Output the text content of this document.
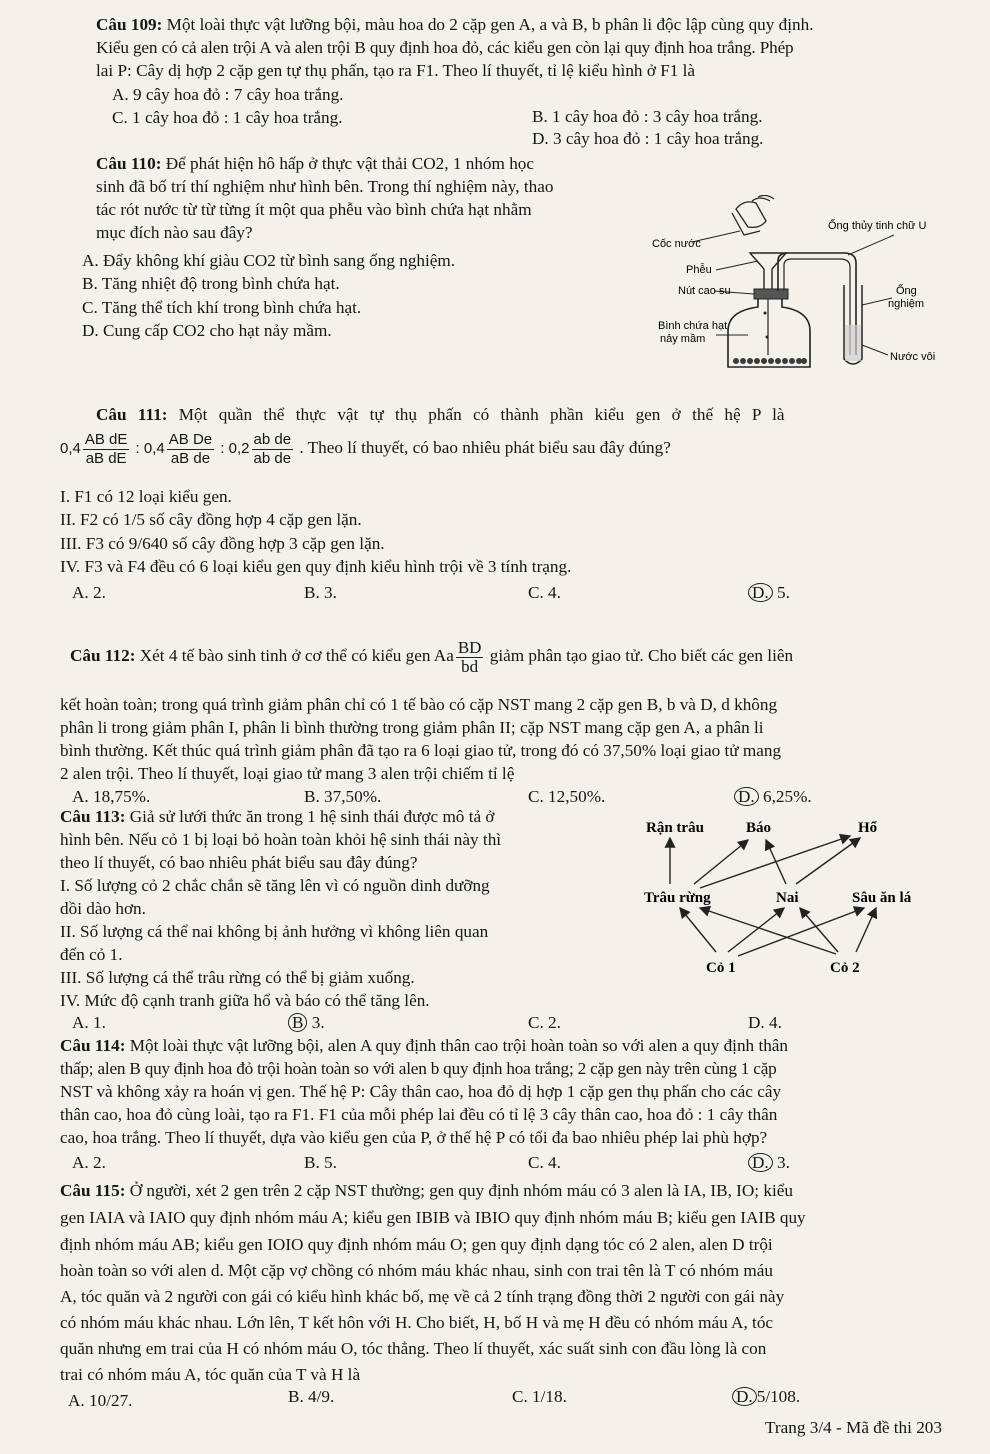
Câu 109: Một loài thực vật lưỡng bội, màu hoa do 2 cặp gen A, a và B, b phân li độc lập cùng quy định.
Kiểu gen có cả alen trội A và alen trội B quy định hoa đỏ, các kiểu gen còn lại quy định hoa trắng. Phép
lai P: Cây dị hợp 2 cặp gen tự thụ phấn, tạo ra F1. Theo lí thuyết, tỉ lệ kiểu hình ở F1 là
A. 9 cây hoa đỏ : 7 cây hoa trắng.
B. 1 cây hoa đỏ : 3 cây hoa trắng.
C. 1 cây hoa đỏ : 1 cây hoa trắng.
D. 3 cây hoa đỏ : 1 cây hoa trắng.
Câu 110: Để phát hiện hô hấp ở thực vật thải CO2, 1 nhóm học
sinh đã bố trí thí nghiệm như hình bên. Trong thí nghiệm này, thao
tác rót nước từ từ từng ít một qua phễu vào bình chứa hạt nhằm
mục đích nào sau đây?
A. Đẩy không khí giàu CO2 từ bình sang ống nghiệm.
B. Tăng nhiệt độ trong bình chứa hạt.
C. Tăng thể tích khí trong bình chứa hạt.
D. Cung cấp CO2 cho hạt nảy mầm.
Cốc nước
Phễu
Nút cao su
Bình chứa hạt
nảy mầm
Ống thủy tinh chữ U
Ống
nghiệm
Nước vôi
Câu 111: Một quần thể thực vật tự thụ phấn có thành phần kiểu gen ở thế hệ P là
$0,4 \frac{\text{AB dE}}{\text{aB dE}}$ : $0,4 \frac{\text{AB De}}{\text{aB de}}$ : $0,2 \frac{\text{ab de}}{\text{ab de}}$ . Theo lí thuyết, có bao nhiêu phát biểu sau đây đúng?
I. F1 có 12 loại kiểu gen.
II. F2 có 1/5 số cây đồng hợp 4 cặp gen lặn.
III. F3 có 9/640 số cây đồng hợp 3 cặp gen lặn.
IV. F3 và F4 đều có 6 loại kiểu gen quy định kiểu hình trội về 3 tính trạng.
A. 2.	B. 3.	C. 4.	D. 5.
Câu 112: Xét 4 tế bào sinh tinh ở cơ thể có kiểu gen Aa $\frac{BD}{bd}$ giảm phân tạo giao tử. Cho biết các gen liên
kết hoàn toàn; trong quá trình giảm phân chỉ có 1 tế bào có cặp NST mang 2 cặp gen B, b và D, d không
phân li trong giảm phân I, phân li bình thường trong giảm phân II; cặp NST mang cặp gen A, a phân li
bình thường. Kết thúc quá trình giảm phân đã tạo ra 6 loại giao tử, trong đó có 37,50% loại giao tử mang
2 alen trội. Theo lí thuyết, loại giao tử mang 3 alen trội chiếm tỉ lệ
A. 18,75%.	B. 37,50%.	C. 12,50%.	D. 6,25%.
Câu 113: Giả sử lưới thức ăn trong 1 hệ sinh thái được mô tả ở
hình bên. Nếu cỏ 1 bị loại bỏ hoàn toàn khỏi hệ sinh thái này thì
theo lí thuyết, có bao nhiêu phát biểu sau đây đúng?
I. Số lượng cỏ 2 chắc chắn sẽ tăng lên vì có nguồn dinh dưỡng
dồi dào hơn.
II. Số lượng cá thể nai không bị ảnh hưởng vì không liên quan
đến cỏ 1.
III. Số lượng cá thể trâu rừng có thể bị giảm xuống.
IV. Mức độ cạnh tranh giữa hổ và báo có thể tăng lên.
A. 1.	B 3.	C. 2.	D. 4.
Rận trâu	Báo	Hổ
Trâu rừng	Nai	Sâu ăn lá
Cỏ 1	Cỏ 2
Câu 114: Một loài thực vật lưỡng bội, alen A quy định thân cao trội hoàn toàn so với alen a quy định thân
thấp; alen B quy định hoa đỏ trội hoàn toàn so với alen b quy định hoa trắng; 2 cặp gen này trên cùng 1 cặp
NST và không xảy ra hoán vị gen. Thế hệ P: Cây thân cao, hoa đỏ dị hợp 1 cặp gen thụ phấn cho các cây
thân cao, hoa đỏ cùng loài, tạo ra F1. F1 của mỗi phép lai đều có tỉ lệ 3 cây thân cao, hoa đỏ : 1 cây thân
cao, hoa trắng. Theo lí thuyết, dựa vào kiểu gen của P, ở thế hệ P có tối đa bao nhiêu phép lai phù hợp?
A. 2.	B. 5.	C. 4.	D. 3.
Câu 115: Ở người, xét 2 gen trên 2 cặp NST thường; gen quy định nhóm máu có 3 alen là IA, IB, IO; kiểu
gen IAIA và IAIO quy định nhóm máu A; kiểu gen IBIB và IBIO quy định nhóm máu B; kiểu gen IAIB quy
định nhóm máu AB; kiểu gen IOIO quy định nhóm máu O; gen quy định dạng tóc có 2 alen, alen D trội
hoàn toàn so với alen d. Một cặp vợ chồng có nhóm máu khác nhau, sinh con trai tên là T có nhóm máu
A, tóc quăn và 2 người con gái có kiểu hình khác bố, mẹ về cả 2 tính trạng đồng thời 2 người con gái này
có nhóm máu khác nhau. Lớn lên, T kết hôn với H. Cho biết, H, bố H và mẹ H đều có nhóm máu A, tóc
quăn nhưng em trai của H có nhóm máu O, tóc thẳng. Theo lí thuyết, xác suất sinh con đầu lòng là con
trai có nhóm máu A, tóc quăn của T và H là
A. 10/27.	B. 4/9.	C. 1/18.	D. 5/108.
Trang 3/4 - Mã đề thi 203
